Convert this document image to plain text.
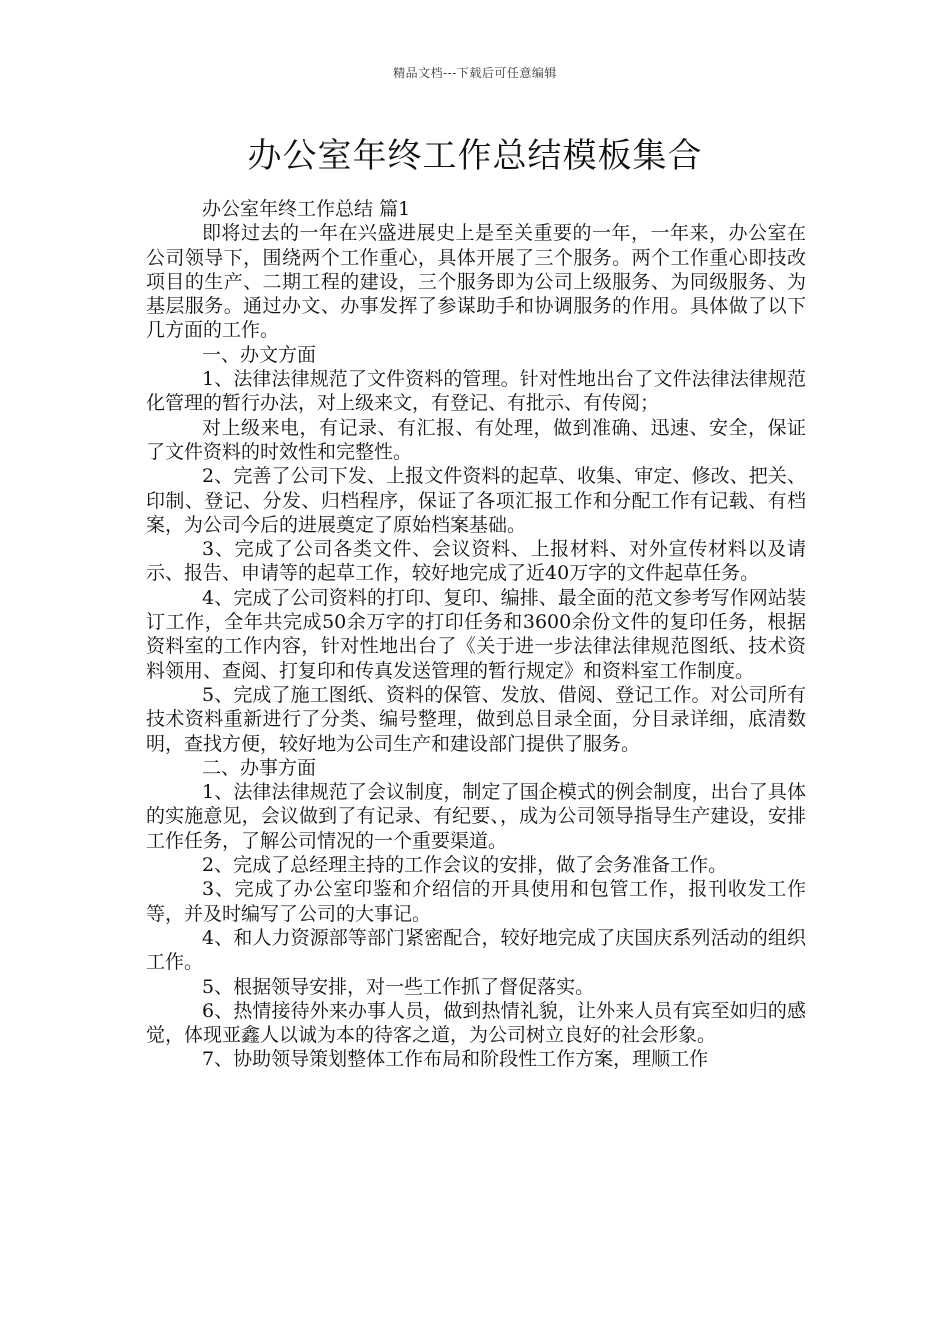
精品文档---下载后可任意编辑
办公室年终工作总结模板集合

办公室年终工作总结 篇1

即将过去的一年在兴盛进展史上是至关重要的一年，一年来，办公室在公司领导下，围绕两个工作重心，具体开展了三个服务。两个工作重心即技改项目的生产、二期工程的建设，三个服务即为公司上级服务、为同级服务、为基层服务。通过办文、办事发挥了参谋助手和协调服务的作用。具体做了以下几方面的工作。

一、办文方面

1、法律法律规范了文件资料的管理。针对性地出台了文件法律法律规范化管理的暂行办法，对上级来文，有登记、有批示、有传阅；

对上级来电，有记录、有汇报、有处理，做到准确、迅速、安全，保证了文件资料的时效性和完整性。

2、完善了公司下发、上报文件资料的起草、收集、审定、修改、把关、印制、登记、分发、归档程序，保证了各项汇报工作和分配工作有记载、有档案，为公司今后的进展奠定了原始档案基础。

3、完成了公司各类文件、会议资料、上报材料、对外宣传材料以及请示、报告、申请等的起草工作，较好地完成了近40万字的文件起草任务。

4、完成了公司资料的打印、复印、编排、最全面的范文参考写作网站装订工作，全年共完成50余万字的打印任务和3600余份文件的复印任务，根据资料室的工作内容，针对性地出台了《关于进一步法律法律规范图纸、技术资料领用、查阅、打复印和传真发送管理的暂行规定》和资料室工作制度。

5、完成了施工图纸、资料的保管、发放、借阅、登记工作。对公司所有技术资料重新进行了分类、编号整理，做到总目录全面，分目录详细，底清数明，查找方便，较好地为公司生产和建设部门提供了服务。

二、办事方面

1、法律法律规范了会议制度，制定了国企模式的例会制度，出台了具体的实施意见，会议做到了有记录、有纪要、，成为公司领导指导生产建设，安排工作任务，了解公司情况的一个重要渠道。

2、完成了总经理主持的工作会议的安排，做了会务准备工作。

3、完成了办公室印鉴和介绍信的开具使用和包管工作，报刊收发工作等，并及时编写了公司的大事记。

4、和人力资源部等部门紧密配合，较好地完成了庆国庆系列活动的组织工作。

5、根据领导安排，对一些工作抓了督促落实。

6、热情接待外来办事人员，做到热情礼貌，让外来人员有宾至如归的感觉，体现亚鑫人以诚为本的待客之道，为公司树立良好的社会形象。

7、协助领导策划整体工作布局和阶段性工作方案，理顺工作
